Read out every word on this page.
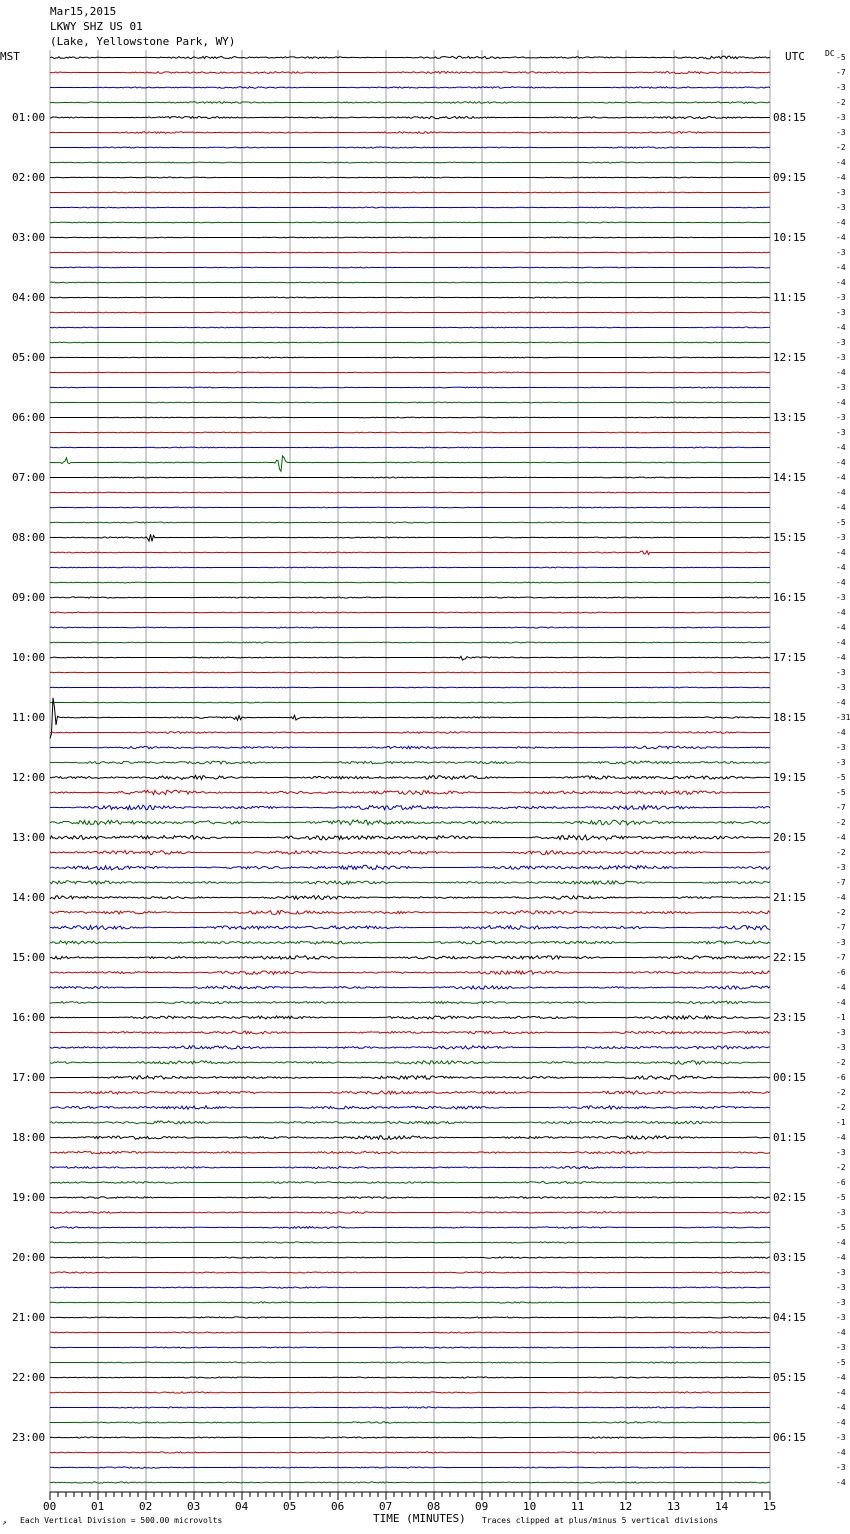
Mar15,2015
LKWY SHZ US 01
(Lake, Yellowstone Park, WY)
MST	UTC	DC
01:00
02:00
03:00
04:00
05:00
06:00
07:00
08:00
09:00
10:00
11:00
12:00
13:00
14:00
15:00
16:00
17:00
18:00
19:00
20:00
21:00
22:00
23:00
08:15
09:15
10:15
11:15
12:15
13:15
14:15
15:15
16:15
17:15
18:15
19:15
20:15
21:15
22:15
23:15
00:15
01:15
02:15
03:15
04:15
05:15
06:15
-5
-7
-3
-2
-3
-3
-2
-4
-4
-3
-3
-4
-4
-3
-4
-4
-3
-3
-4
-3
-3
-4
-3
-4
-3
-3
-4
-4
-4
-4
-4
-5
-3
-4
-4
-4
-3
-4
-4
-4
-4
-3
-3
-4
-31
-4
-3
-3
-5
-5
-7
-2
-4
-2
-3
-7
-4
-2
-7
-3
-7
-6
-4
-4
-1
-3
-3
-2
-6
-2
-2
-1
-4
-3
-2
-6
-5
-3
-5
-4
-4
-3
-3
-3
-3
-4
-3
-5
-4
-4
-4
-4
-3
-4
-3
-4
00	01	02	03	04	05	06	07	08	09	10	11	12	13	14	15
↗ Each Vertical Division = 500.00 microvolts	TIME (MINUTES) Traces clipped at plus/minus 5 vertical divisions
